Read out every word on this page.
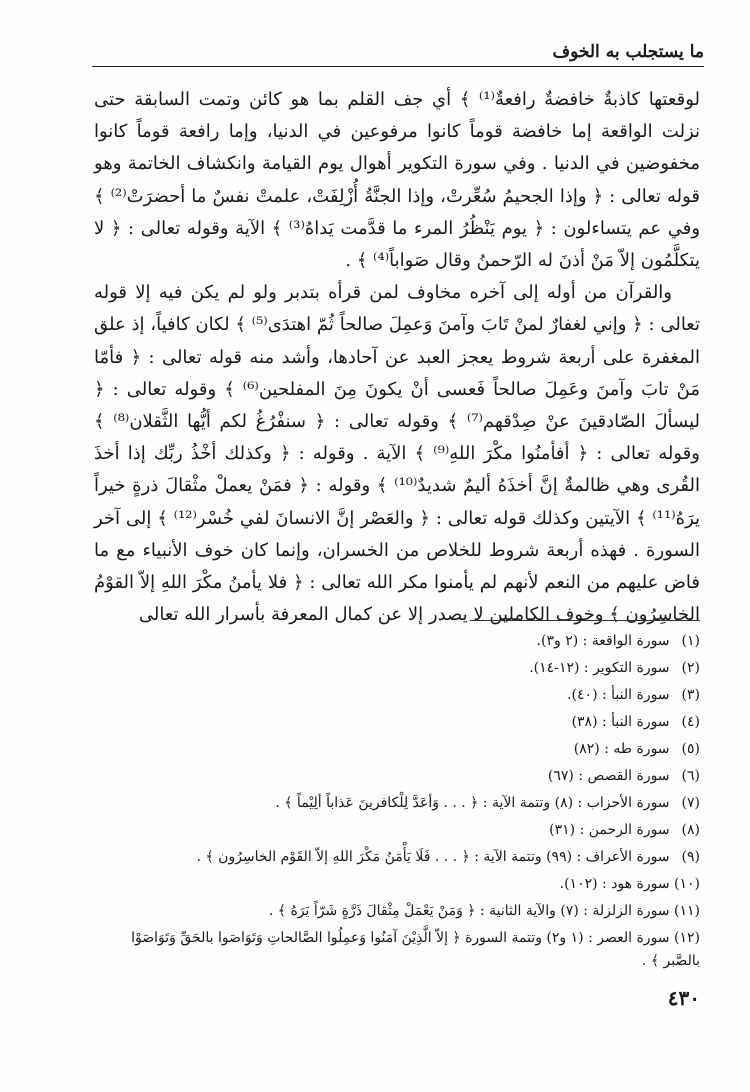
ما يستجلب به الخوف

لوقعتها كاذبةٌ خافضةٌ رافعةٌ⁽¹⁾ ﴾ أي جف القلم بما هو كائن وتمت السابقة حتى نزلت الواقعة إما خافضة قوماً كانوا مرفوعين في الدنيا، وإما رافعة قوماً كانوا مخفوضين في الدنيا . وفي سورة التكوير أهوال يوم القيامة وانكشاف الخاتمة وهو قوله تعالى : ﴿ وإذا الجحيمُ سُعِّرتْ، وإذا الجنَّةُ أُزْلِفَتْ، علمتْ نفسٌ ما أحضرَتْ⁽²⁾ ﴾ وفي عم يتساءلون : ﴿ يوم يَنْظُرُ المرء ما قدَّمت يَداهُ⁽³⁾ ﴾ الآية وقوله تعالى : ﴿ لا يتكلَّمُون إلاّ مَنْ أذنَ له الرّحمنُ وقال صَواباً⁽⁴⁾ ﴾ .

والقرآن من أوله إلى آخره مخاوف لمن قرأه بتدبر ولو لم يكن فيه إلا قوله تعالى : ﴿ وإني لغفارٌ لمنْ تَابَ وآمنَ وَعمِلَ صالحاً ثُمّ اهتدَى⁽⁵⁾ ﴾ لكان كافياً، إذ علق المغفرة على أربعة شروط يعجز العبد عن آحادها، وأشد منه قوله تعالى : ﴿ فأمّا مَنْ تابَ وآمنَ وعَمِلَ صالحاً فَعسى أنْ يكونَ مِنَ المفلحين⁽⁶⁾ ﴾ وقوله تعالى : ﴿ ليسألَ الصّادقينَ عنْ صِدْقهم⁽⁷⁾ ﴾ وقوله تعالى : ﴿ سنفْرُغُ لكم أيُّها الثَّقلان⁽⁸⁾ ﴾ وقوله تعالى : ﴿ أفأمنُوا مكْرَ اللهِ⁽⁹⁾ ﴾ الآية . وقوله : ﴿ وكذلك أخْذُ ربِّك إذا أخذَ القُرى وهي ظالمةٌ إنَّ أخذَهُ أليمٌ شديدٌ⁽¹⁰⁾ ﴾ وقوله : ﴿ فمَنْ يعملْ مثْقالَ ذرةٍ خيراً يرَهُ⁽¹¹⁾ ﴾ الآيتين وكذلك قوله تعالى : ﴿ والعَصْر إنَّ الانسانَ لفي خُسْر⁽¹²⁾ ﴾ إلى آخر السورة . فهذه أربعة شروط للخلاص من الخسران، وإنما كان خوف الأنبياء مع ما فاض عليهم من النعم لأنهم لم يأمنوا مكر الله تعالى : ﴿ فلا يأمنُ مكْرَ اللهِ إلاّ القوْمُ الخاسِرُون ﴾ وخوف الكاملين لا يصدر إلا عن كمال المعرفة بأسرار الله تعالى

(١) سورة الواقعة : (٢ و٣).
(٢) سورة التكوير : (١٢-١٤).
(٣) سورة النبأ : (٤٠).
(٤) سورة النبأ : (٣٨)
(٥) سورة طه : (٨٢)
(٦) سورة القصص : (٦٧)
(٧) سورة الأحزاب : (٨) وتتمة الآية : ﴿ . . . وَأعَدَّ لِلْكافرينَ عَذاباً ألِيْماً ﴾ .
(٨) سورة الرحمن : (٣١)
(٩) سورة الأعراف : (٩٩) وتتمة الآية : ﴿ . . . فَلَا يَأْمَنُ مَكْرَ اللهِ إلاّ القَوْم الخاسِرُون ﴾ .
(١٠) سورة هود : (١٠٢).
(١١) سورة الزلزلة : (٧) والآية الثانية : ﴿ وَمَنْ يَعْمَلْ مِثْقالَ ذَرَّةٍ شَرّاً يَرَهُ ﴾ .
(١٢) سورة العصر : (١ و٢) وتتمة السورة ﴿ إلاّ الَّذِيْنَ آمَنُوا وَعمِلُوا الصَّالحاتِ وَتَوَاصَوا بالحَقِّ وَتَوَاصَوْا بالصَّبر ﴾ .
٤٣٠
